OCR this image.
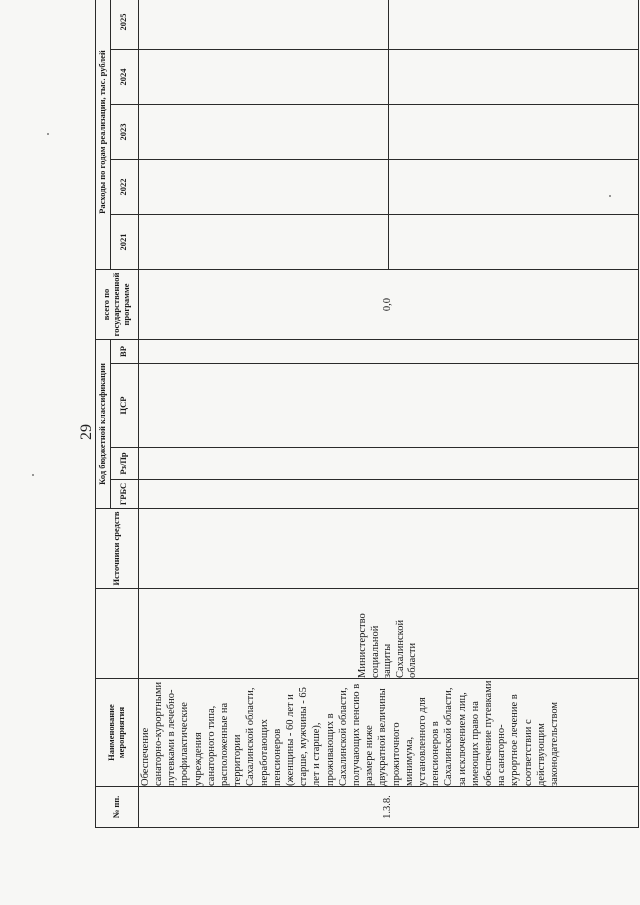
29
№ пп.	Наименование мероприятия		Источники средств	Код бюджетной классификации				всего по государственной программе	Расходы по годам реализации, тыс. рублей				
				ГРБС	Рз/Пр	ЦСР	ВР		2021	2022	2023	2024	2025
1.3.8.	Обеспечение санаторно-курортными путевками в лечебно-профилактические учреждения санаторного типа, расположенные на территории Сахалинской области, неработающих пенсионеров (женщины - 60 лет и старше, мужчины - 65 лет и старше), проживающих в Сахалинской области, получающих пенсию в размере ниже двукратной величины прожиточного минимума, установленного для пенсионеров в Сахалинской области, за исключением лиц, имеющих право на обеспечение путевками на санаторно-курортное лечение в соответствии с действующим законодательством	Министерство социальной защиты Сахалинской области						0,0	
